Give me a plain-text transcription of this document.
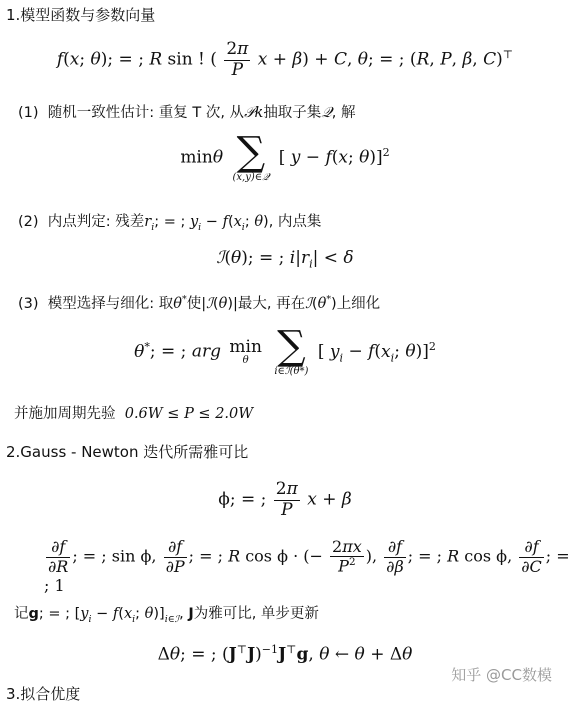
1.模型函数与参数向量
f(x; θ); = ; R sin ! ( $\frac{2\pi}{P}$ x + β) + C, θ; = ; (R, P, β, C)⊤
(1) 随机一致性估计: 重复 T 次, 从𝒫k抽取子集𝒬, 解
minθ ∑
(x,y)∈𝒬
[ y − f(x; θ)]$^2$
(2) 内点判定: 残差$r_i$; = ; $y_i - f(x_i$; θ), 内点集
ℐ(θ); = ; $i|r_i| < \delta$
(3) 模型选择与细化: 取θ*使|ℐ(θ)|最大, 再在ℐ(θ*)上细化
θ*; = ; arg min
θ
∑
i∈ℐ(θ*)
[ $y_i - f(x_i$; θ)]$^2$
并施加周期先验 0.6W ≤ P ≤ 2.0W
2.Gauss - Newton 迭代所需雅可比
ϕ; = ; $\frac{2\pi}{P}$ x + β
$\frac{\partial f}{\partial R}$ ; = ; sin ϕ, $\frac{\partial f}{\partial P}$ ; = ; R cos ϕ · (− $\frac{2\pi x}{P^2}$ ), $\frac{\partial f}{\partial\beta}$ ; = ; R cos ϕ, $\frac{\partial f}{\partial C}$ ; = ; 1
记g; = ; [$y_i - f(x_i$; $\theta)]_{i\in ℐ}$, J为雅可比, 单步更新
Δθ; = ; $(J^⊤J)^{-1}J^⊤g$, θ ← θ + Δθ
3.拟合优度
知乎 @CC数模
